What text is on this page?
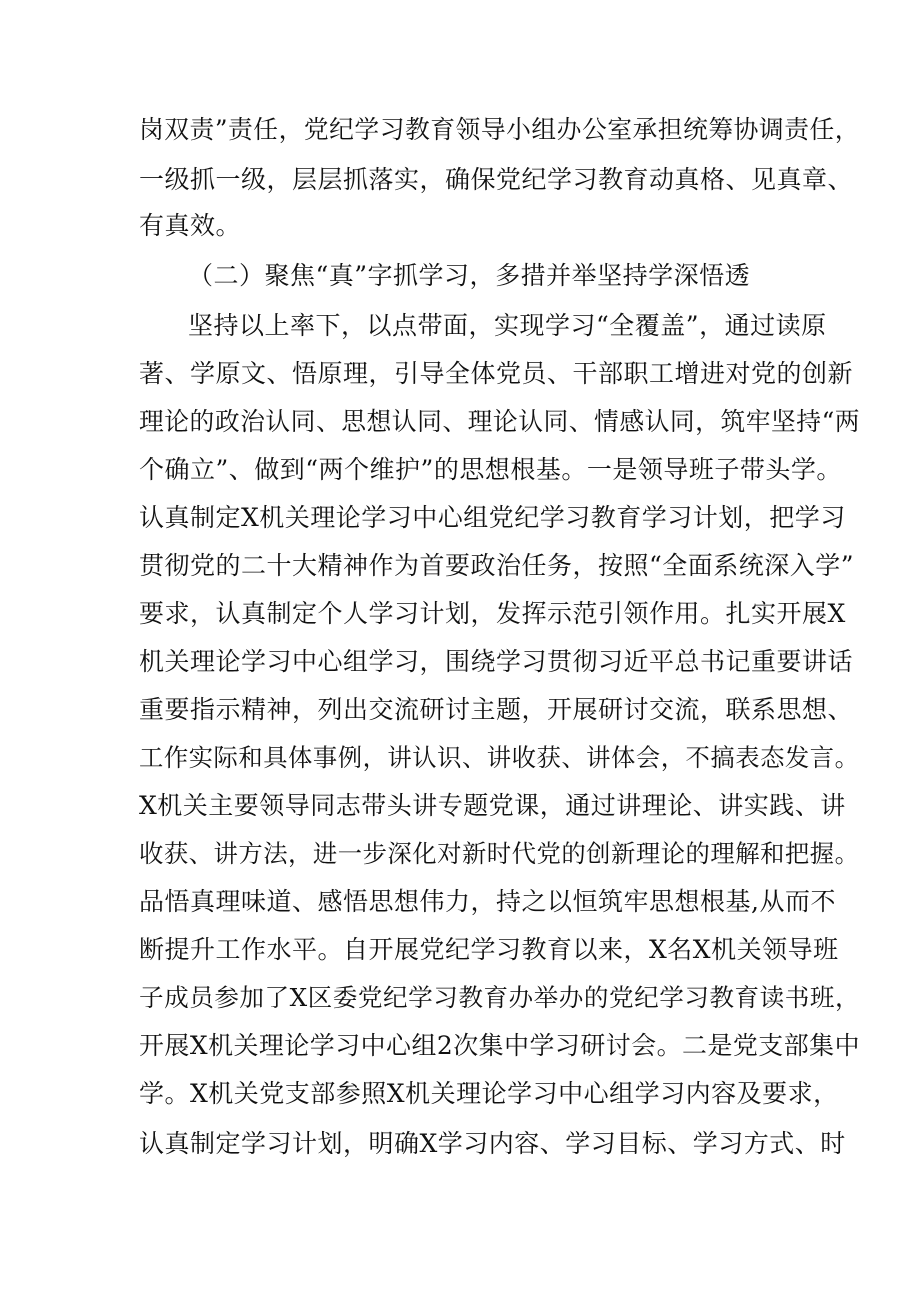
岗双责”责任，党纪学习教育领导小组办公室承担统筹协调责任，
一级抓一级，层层抓落实，确保党纪学习教育动真格、见真章、
有真效。
（二）聚焦“真”字抓学习，多措并举坚持学深悟透
坚持以上率下，以点带面，实现学习“全覆盖”，通过读原
著、学原文、悟原理，引导全体党员、干部职工增进对党的创新
理论的政治认同、思想认同、理论认同、情感认同，筑牢坚持“两
个确立”、做到“两个维护”的思想根基。一是领导班子带头学。
认真制定X机关理论学习中心组党纪学习教育学习计划，把学习
贯彻党的二十大精神作为首要政治任务，按照“全面系统深入学”
要求，认真制定个人学习计划，发挥示范引领作用。扎实开展X
机关理论学习中心组学习，围绕学习贯彻习近平总书记重要讲话
重要指示精神，列出交流研讨主题，开展研讨交流，联系思想、
工作实际和具体事例，讲认识、讲收获、讲体会，不搞表态发言。
X机关主要领导同志带头讲专题党课，通过讲理论、讲实践、讲
收获、讲方法，进一步深化对新时代党的创新理论的理解和把握。
品悟真理味道、感悟思想伟力，持之以恒筑牢思想根基,从而不
断提升工作水平。自开展党纪学习教育以来，X名X机关领导班
子成员参加了X区委党纪学习教育办举办的党纪学习教育读书班，
开展X机关理论学习中心组2次集中学习研讨会。二是党支部集中
学。X机关党支部参照X机关理论学习中心组学习内容及要求，
认真制定学习计划，明确X学习内容、学习目标、学习方式、时
